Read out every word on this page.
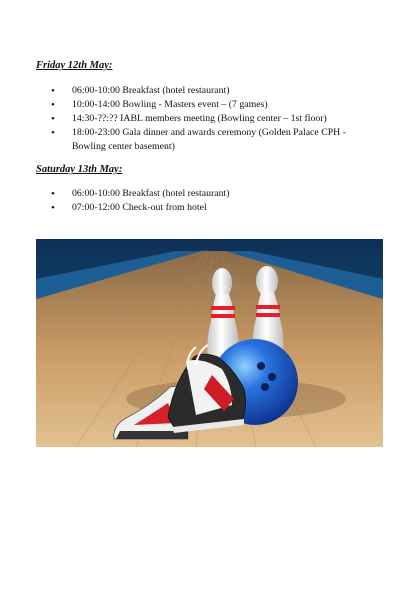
Friday 12th May:

• 06:00-10:00 Breakfast (hotel restaurant)
• 10:00-14:00 Bowling - Masters event – (7 games)
• 14:30-??:?? IABL members meeting (Bowling center – 1st floor)
• 18:00-23:00 Gala dinner and awards ceremony (Golden Palace CPH - Bowling center basement)

Saturday 13th May:

• 06:00-10:00 Breakfast (hotel restaurant)
• 07:00-12:00 Check-out from hotel
